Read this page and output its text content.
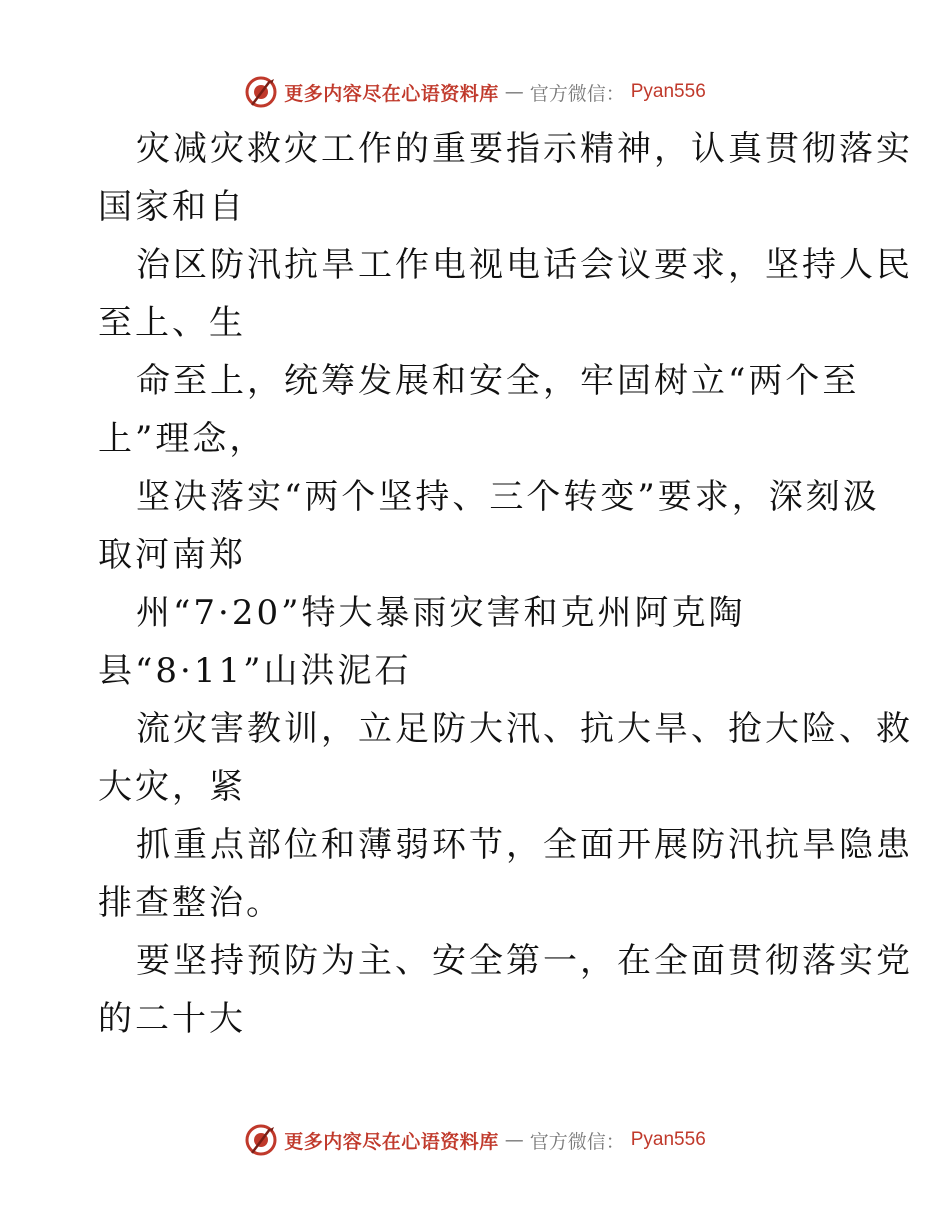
更多内容尽在心语资料库 — 官方微信： Pyan556
灾减灾救灾工作的重要指示精神，认真贯彻落实
国家和自
治区防汛抗旱工作电视电话会议要求，坚持人民
至上、生
命至上，统筹发展和安全，牢固树立“两个至
上”理念，
坚决落实“两个坚持、三个转变”要求，深刻汲
取河南郑
州“7·20”特大暴雨灾害和克州阿克陶
县“8·11”山洪泥石
流灾害教训，立足防大汛、抗大旱、抢大险、救
大灾，紧
抓重点部位和薄弱环节，全面开展防汛抗旱隐患
排查整治。
要坚持预防为主、安全第一，在全面贯彻落实党
的二十大
更多内容尽在心语资料库 — 官方微信： Pyan556
